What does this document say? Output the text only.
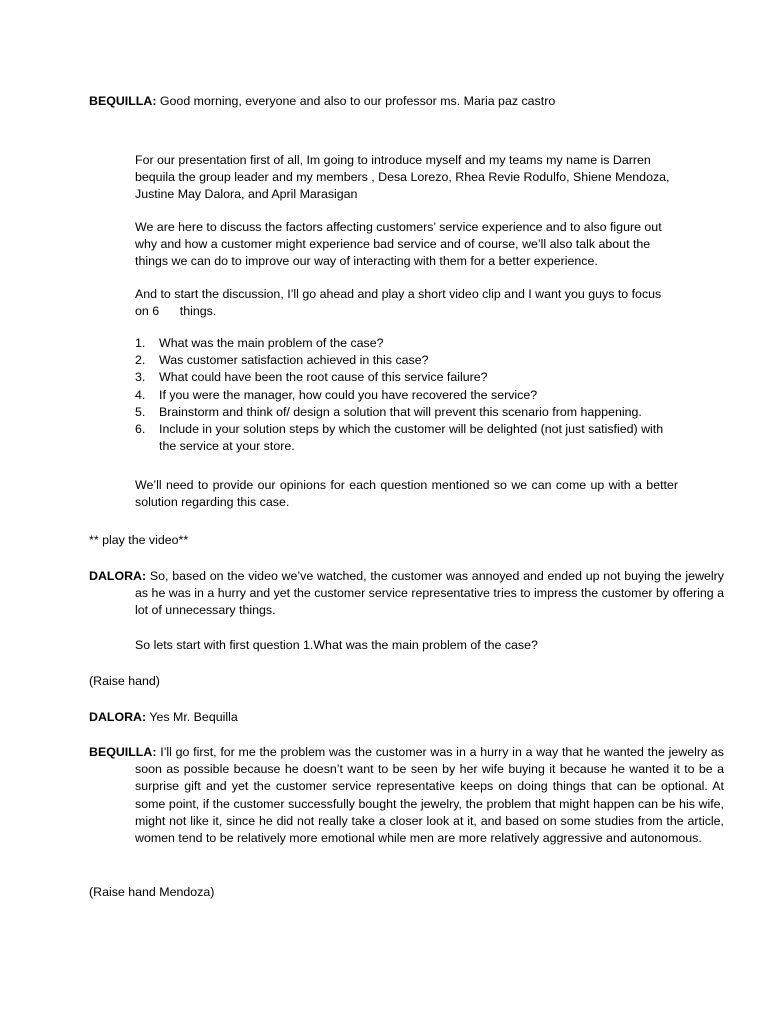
BEQUILLA: Good morning, everyone and also to our professor ms. Maria paz castro

For our presentation first of all, Im going to introduce myself and my teams my name is Darren bequila the group leader and my members , Desa Lorezo, Rhea Revie Rodulfo, Shiene Mendoza, Justine May Dalora, and April Marasigan

We are here to discuss the factors affecting customers’ service experience and to also figure out why and how a customer might experience bad service and of course, we’ll also talk about the things we can do to improve our way of interacting with them for a better experience.

And to start the discussion, I’ll go ahead and play a short video clip and I want you guys to focus on 6      things.

1. What was the main problem of the case?
2. Was customer satisfaction achieved in this case?
3. What could have been the root cause of this service failure?
4. If you were the manager, how could you have recovered the service?
5. Brainstorm and think of/ design a solution that will prevent this scenario from happening.
6. Include in your solution steps by which the customer will be delighted (not just satisfied) with the service at your store.

We’ll need to provide our opinions for each question mentioned so we can come up with a better solution regarding this case.

** play the video**

DALORA: So, based on the video we’ve watched, the customer was annoyed and ended up not buying the jewelry as he was in a hurry and yet the customer service representative tries to impress the customer by offering a lot of unnecessary things.

So lets start with first question 1.What was the main problem of the case?

(Raise hand)

DALORA: Yes Mr. Bequilla

BEQUILLA: I’ll go first, for me the problem was the customer was in a hurry in a way that he wanted the jewelry as soon as possible because he doesn’t want to be seen by her wife buying it because he wanted it to be a surprise gift and yet the customer service representative keeps on doing things that can be optional. At some point, if the customer successfully bought the jewelry, the problem that might happen can be his wife, might not like it, since he did not really take a closer look at it, and based on some studies from the article, women tend to be relatively more emotional while men are more relatively aggressive and autonomous.

(Raise hand Mendoza)
